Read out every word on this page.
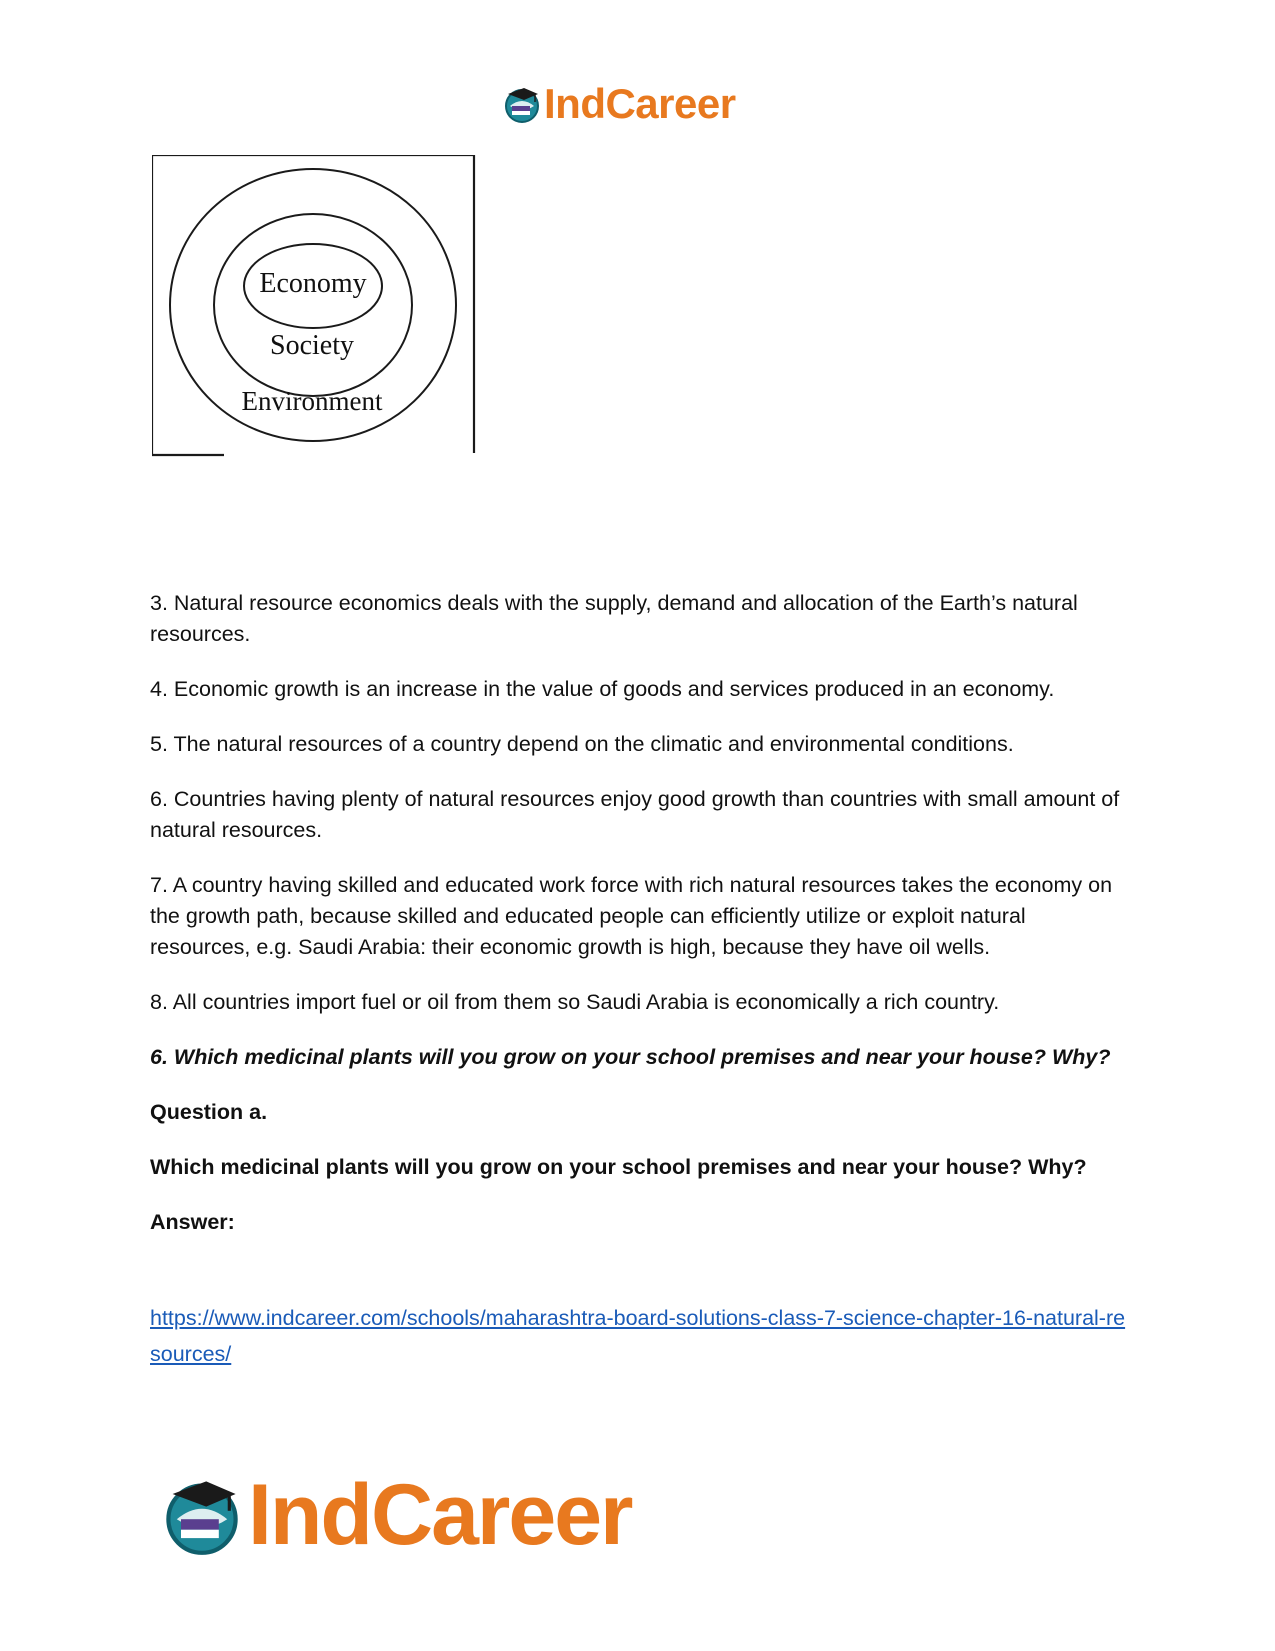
IndCareer
Economy
Society
Environment

3. Natural resource economics deals with the supply, demand and allocation of the Earth’s natural resources.

4. Economic growth is an increase in the value of goods and services produced in an economy.

5. The natural resources of a country depend on the climatic and environmental conditions.

6. Countries having plenty of natural resources enjoy good growth than countries with small amount of natural resources.

7. A country having skilled and educated work force with rich natural resources takes the economy on the growth path, because skilled and educated people can efficiently utilize or exploit natural resources, e.g. Saudi Arabia: their economic growth is high, because they have oil wells.

8. All countries import fuel or oil from them so Saudi Arabia is economically a rich country.

6. Which medicinal plants will you grow on your school premises and near your house? Why?

Question a.

Which medicinal plants will you grow on your school premises and near your house? Why?

Answer:

https://www.indcareer.com/schools/maharashtra-board-solutions-class-7-science-chapter-16-natural-resources/
IndCareer
